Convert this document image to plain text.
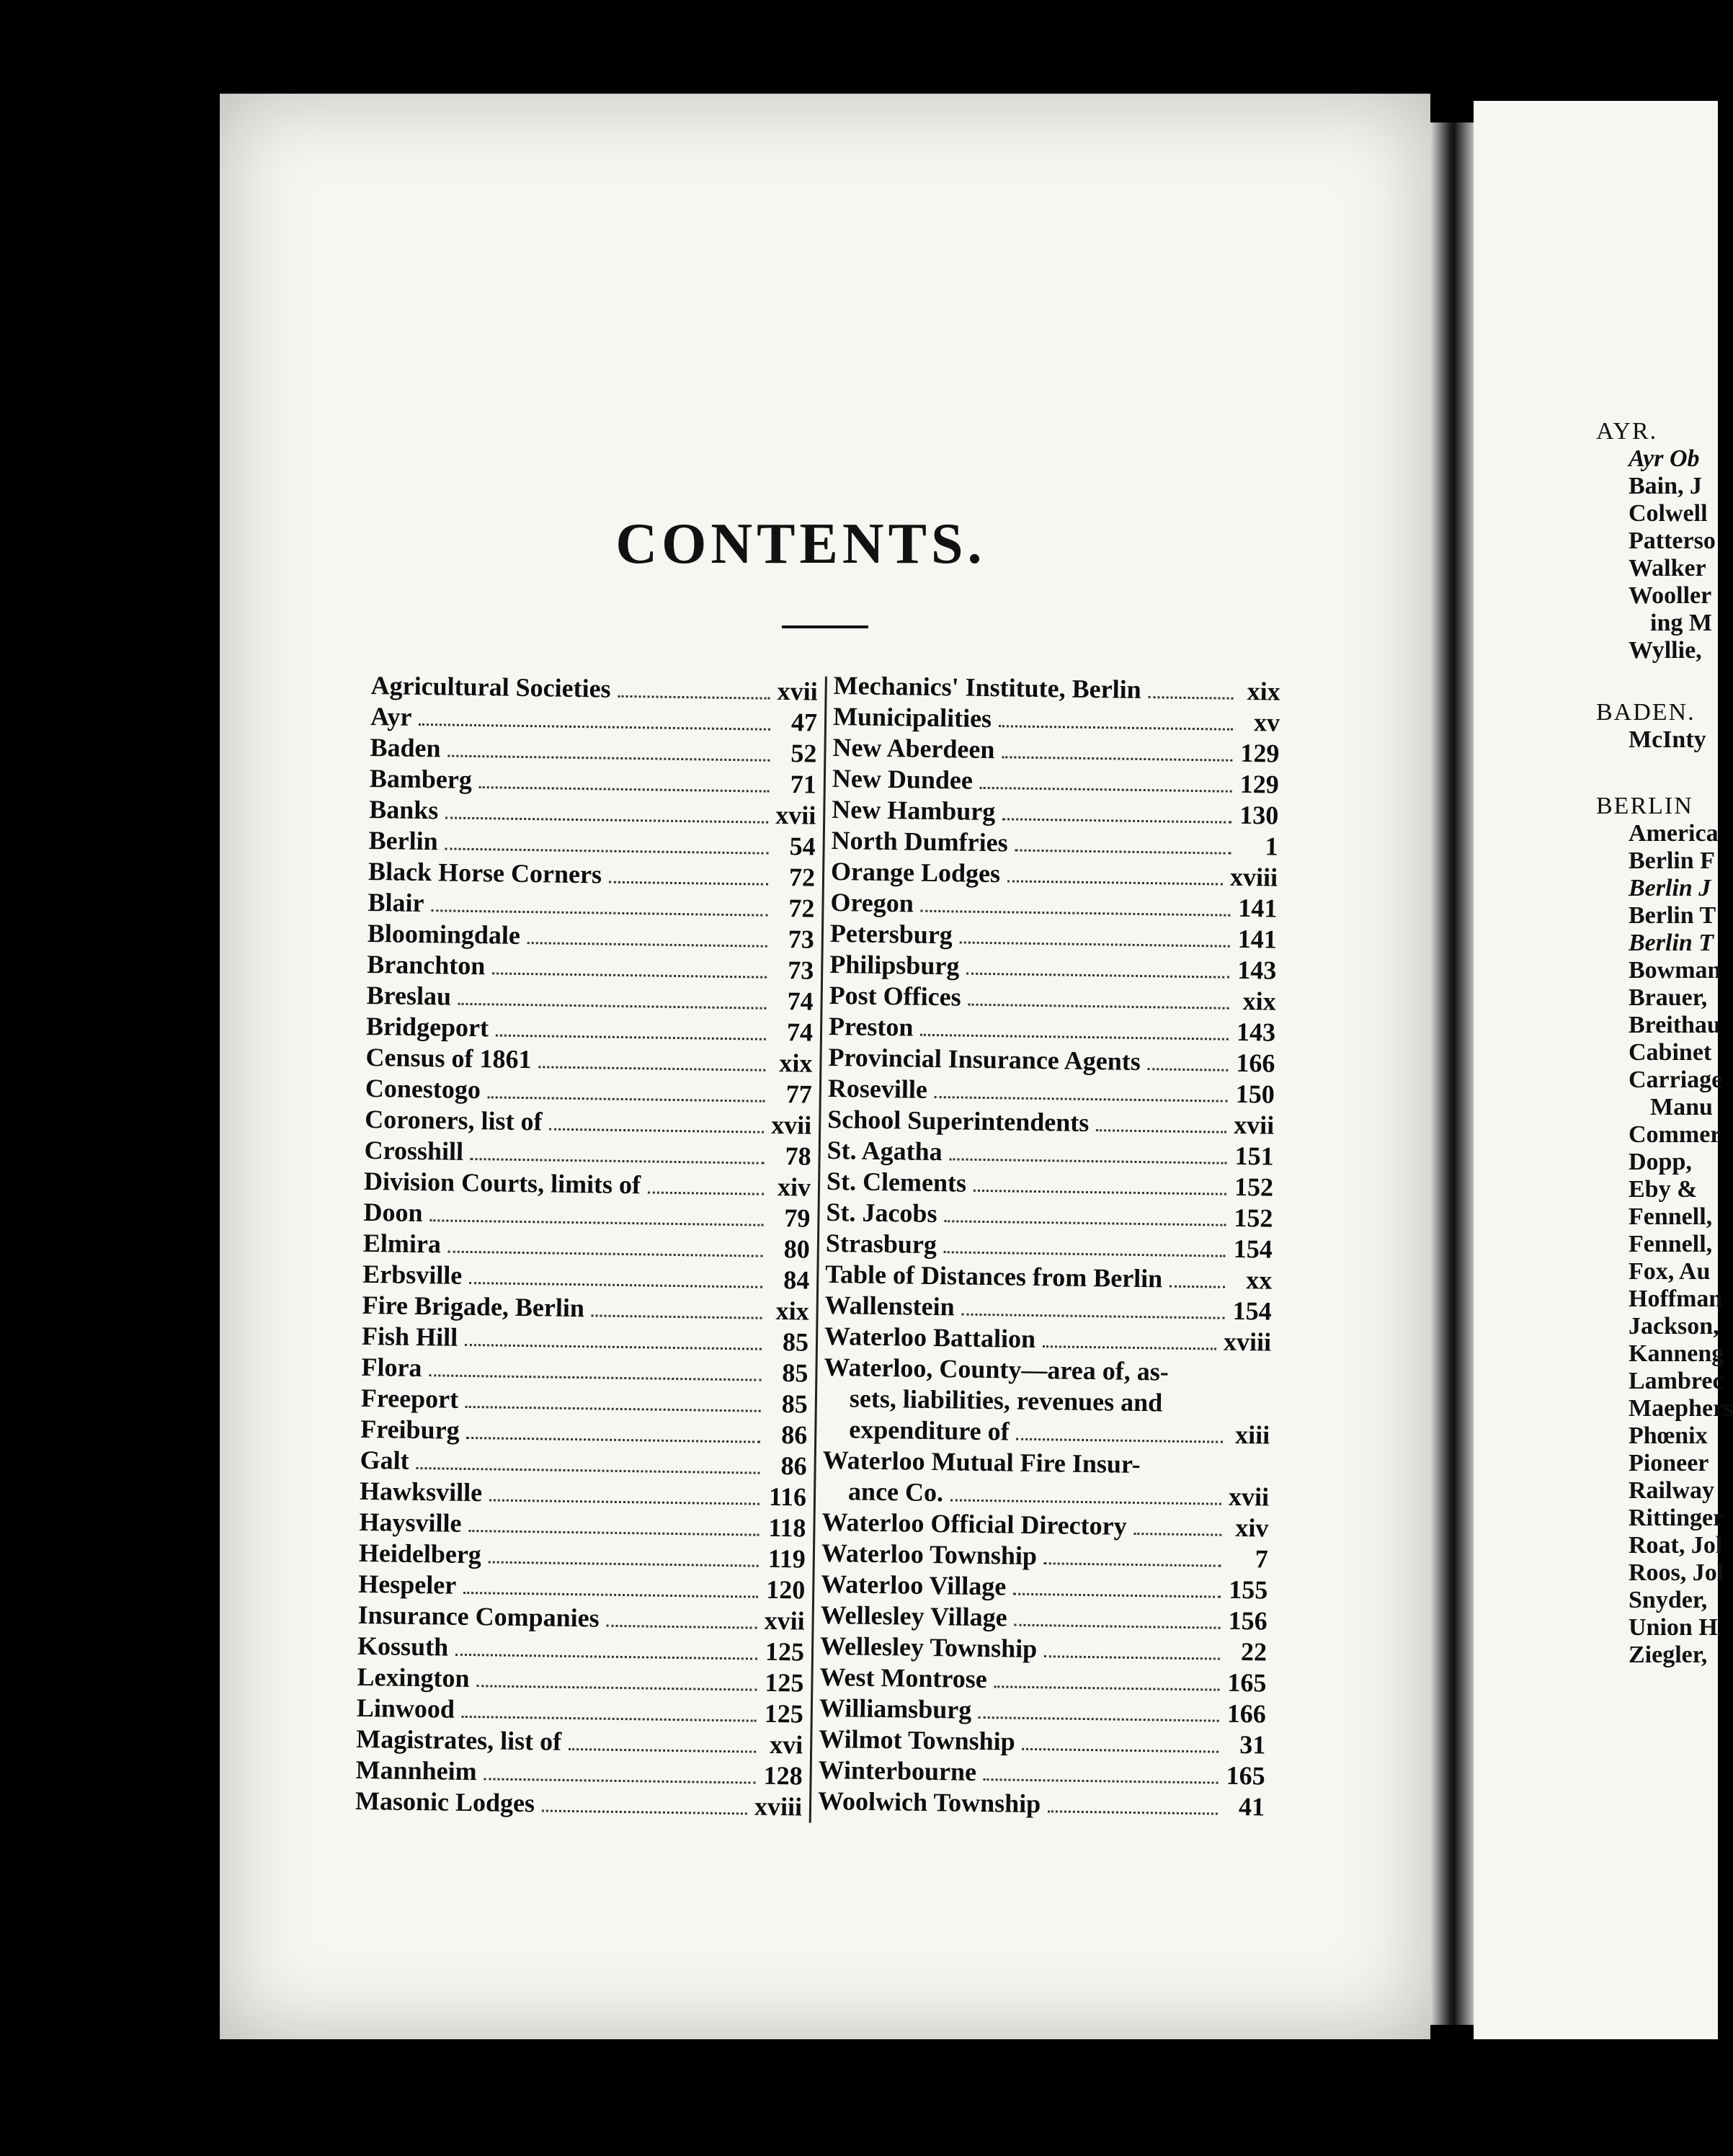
CONTENTS.
Agricultural Societies	xvii
Ayr	47
Baden	52
Bamberg	71
Banks	xvii
Berlin	54
Black Horse Corners	72
Blair	72
Bloomingdale	73
Branchton	73
Breslau	74
Bridgeport	74
Census of 1861	xix
Conestogo	77
Coroners, list of	xvii
Crosshill	78
Division Courts, limits of	xiv
Doon	79
Elmira	80
Erbsville	84
Fire Brigade, Berlin	xix
Fish Hill	85
Flora	85
Freeport	85
Freiburg	86
Galt	86
Hawksville	116
Haysville	118
Heidelberg	119
Hespeler	120
Insurance Companies	xvii
Kossuth	125
Lexington	125
Linwood	125
Magistrates, list of	xvi
Mannheim	128
Masonic Lodges	xviii
Mechanics' Institute, Berlin	xix
Municipalities	xv
New Aberdeen	129
New Dundee	129
New Hamburg	130
North Dumfries	1
Orange Lodges	xviii
Oregon	141
Petersburg	141
Philipsburg	143
Post Offices	xix
Preston	143
Provincial Insurance Agents	166
Roseville	150
School Superintendents	xvii
St. Agatha	151
St. Clements	152
St. Jacobs	152
Strasburg	154
Table of Distances from Berlin	xx
Wallenstein	154
Waterloo Battalion	xviii
Waterloo, County—area of, as-
sets, liabilities, revenues and
expenditure of	xiii
Waterloo Mutual Fire Insur-
ance Co.	xvii
Waterloo Official Directory	xiv
Waterloo Township	7
Waterloo Village	155
Wellesley Village	156
Wellesley Township	22
West Montrose	165
Williamsburg	166
Wilmot Township	31
Winterbourne	165
Woolwich Township	41
AYR.
Ayr Ob
Bain, J
Colwell
Patterso
Walker
Wooller
ing M
Wyllie,
BADEN.
McInty
BERLIN
America
Berlin F
Berlin J
Berlin T
Berlin T
Bowman
Brauer,
Breithau
Cabinet
Carriage
Manu
Commer
Dopp,
Eby &
Fennell,
Fennell,
Fox, Au
Hoffman
Jackson,
Kanneng
Lambrec
Maephers
Phœnix
Pioneer
Railway
Rittinger
Roat, Jol
Roos, Jol
Snyder,
Union H
Ziegler,
